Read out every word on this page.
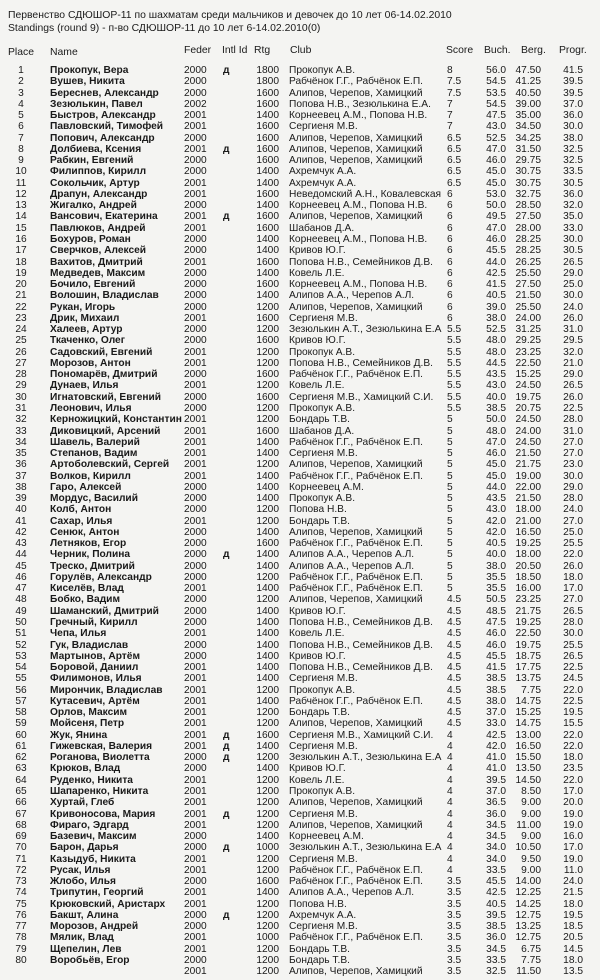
Первенство СДЮШОР-11 по шахматам среди мальчиков и девочек до 10 лет 06-14.02.2010
Standings (round 9) - п-во СДЮШОР-11 до 10 лет 6-14.02.2010(0)
Place Name	Feder Intl Id Rtg Club	Score Buch. Berg. Progr.
1	Прокопук, Вера	2000 д	1800 Прокопук А.В.	8	56.0 47.50 41.5
2	Вушев, Никита	2000	1800 Рабчёнок Г.Г., Рабчёнок Е.П. 7.5 54.5 41.25 39.5
3	Береснев, Александр 2000	1600 Алипов, Черепов, Хамицкий 7.5 53.5 40.50 39.5
4	Зезюлькин, Павел	2002	1600 Попова Н.В., Зезюлькина Е.А. 7	54.5 39.00 37.0
5	Быстров, Александр	2001	1400 Корнеевец А.М., Попова Н.В. 7	47.5 35.00 36.0
6	Павловский, Тимофей 2001	1600 Сергиеня М.В.	7	43.0 34.50 30.0
7	Попович, Александр	2000	1600 Алипов, Черепов, Хамицкий 6.5 52.5 34.25 38.0
8	Долбиева, Ксения	2001 д	1600 Алипов, Черепов, Хамицкий 6.5 47.0 31.50 32.5
9	Рабкин, Евгений	2000	1600 Алипов, Черепов, Хамицкий 6.5 46.0 29.75 32.5
10	Филиппов, Кирилл	2000	1400 Ахремчук А.А.	6.5 45.0 30.75 33.5
11	Сокольчик, Артур	2001	1400 Ахремчук А.А.	6.5 45.0 30.75 30.5
12	Драпун, Александр	2001	1600 Неведомский А.Н., Ковалевская 6	53.0 32.75 36.0
13	Жигалко, Андрей	2000	1400 Корнеевец А.М., Попова Н.В. 6	50.0 28.50 32.0
14	Вансович, Екатерина	2001 д	1600 Алипов, Черепов, Хамицкий 6	49.5 27.50 35.0
15	Павлюков, Андрей	2001	1600 Шабанов Д.А.	6	47.0 28.00 33.0
16	Бохуров, Роман	2000	1400 Корнеевец А.М., Попова Н.В. 6	46.0 28.25 30.0
17	Сверчков, Алексей	2000	1400 Кривов Ю.Г.	6	45.5 28.25 30.5
18	Вахитов, Дмитрий	2001	1600 Попова Н.В., Семейников Д.В. 6	44.0 26.25 26.5
19	Медведев, Максим	2000	1400 Ковель Л.Е.	6	42.5 25.50 29.0
20	Бочило, Евгений	2000	1600 Корнеевец А.М., Попова Н.В. 6	41.5 27.50 25.0
21	Волошин, Владислав 2000	1400 Алипов А.А., Черепов А.Л.	6	40.5 21.50 30.0
22	Рукан, Игорь	2000	1200 Алипов, Черепов, Хамицкий 6	39.0 25.50 24.0
23	Дрик, Михаил	2001	1600 Сергиеня М.В.	6	38.0 24.00 26.0
24	Халеев, Артур	2000	1200 Зезюлькин А.Т., Зезюлькина Е.А 5.5 52.5 31.25 31.0
25	Ткаченко, Олег	2000	1600 Кривов Ю.Г.	5.5 48.0 29.25 29.5
26	Садовский, Евгений	2001	1200 Прокопук А.В.	5.5 48.0 23.25 32.0
27	Морозов, Антон	2001	1200 Попова Н.В., Семейников Д.В. 5.5 44.5 22.50 21.0
28	Пономарёв, Дмитрий	2000	1600 Рабчёнок Г.Г., Рабчёнок Е.П. 5.5 43.5 15.25 29.0
29	Дунаев, Илья	2001	1200 Ковель Л.Е.	5.5 43.0 24.50 26.5
30	Игнатовский, Евгений 2000	1600 Сергиеня М.В., Хамицкий С.И. 5.5 40.0 19.75 26.0
31	Леонович, Илья	2000	1200 Прокопук А.В.	5.5 38.5 20.75 22.5
32	Керножицкий, Константин 2001	1200 Бондарь Т.В.	5	50.0 24.50 28.0
33	Диковицкий, Арсений 2001	1600 Шабанов Д.А.	5	48.0 24.00 31.0
34	Шавель, Валерий	2001	1400 Рабчёнок Г.Г., Рабчёнок Е.П. 5	47.0 24.50 27.0
35	Степанов, Вадим	2001	1400 Сергиеня М.В.	5	46.0 21.50 27.0
36	Артоболевский, Сергей 2001	1200 Алипов, Черепов, Хамицкий 5	45.0 21.75 23.0
37	Волков, Кирилл	2001	1400 Рабчёнок Г.Г., Рабчёнок Е.П. 5	45.0 19.00 30.0
38	Гаро, Алексей	2000	1400 Корнеевец А.М.	5	44.0 22.00 29.0
39	Мордус, Василий	2000	1400 Прокопук А.В.	5	43.5 21.50 28.0
40	Колб, Антон	2000	1200 Попова Н.В.	5	43.0 18.00 24.0
41	Сахар, Илья	2001	1200 Бондарь Т.В.	5	42.0 21.00 27.0
42	Сенюк, Антон	2000	1400 Алипов, Черепов, Хамицкий 5	42.0 16.50 25.0
43	Летняков, Егор	2000	1600 Рабчёнок Г.Г., Рабчёнок Е.П. 5	40.5 19.25 25.5
44	Черник, Полина	2000 д	1400 Алипов А.А., Черепов А.Л.	5	40.0 18.00 22.0
45	Треско, Дмитрий	2000	1400 Алипов А.А., Черепов А.Л.	5	38.0 20.50 26.0
46	Горулёв, Александр	2000	1200 Рабчёнок Г.Г., Рабчёнок Е.П. 5	35.5 18.50 18.0
47	Киселёв, Влад	2001	1400 Рабчёнок Г.Г., Рабчёнок Е.П. 5	35.5 16.00 17.0
48	Бобко, Вадим	2000	1200 Алипов, Черепов, Хамицкий 4.5 50.5 23.25 27.0
49	Шаманский, Дмитрий 2000	1400 Кривов Ю.Г.	4.5 48.5 21.75 26.5
50	Гречный, Кирилл	2000	1400 Попова Н.В., Семейников Д.В. 4.5 47.5 19.25 28.0
51	Чепа, Илья	2001	1400 Ковель Л.Е.	4.5 46.0 22.50 30.0
52	Гук, Владислав	2000	1400 Попова Н.В., Семейников Д.В. 4.5 46.0 19.75 25.5
53	Мартынов, Артём	2000	1400 Кривов Ю.Г.	4.5 45.5 18.75 26.5
54	Боровой, Даниил	2001	1400 Попова Н.В., Семейников Д.В. 4.5 41.5 17.75 22.5
55	Филимонов, Илья	2001	1400 Сергиеня М.В.	4.5 38.5 13.75 24.5
56	Мирончик, Владислав 2001	1200 Прокопук А.В.	4.5 38.5	7.75 22.0
57	Кутасевич, Артём	2001	1400 Рабчёнок Г.Г., Рабчёнок Е.П. 4.5 38.0 14.75 22.5
58	Орлов, Максим	2001	1200 Бондарь Т.В.	4.5 37.0 15.25 19.5
59	Мойсеня, Петр	2001	1200 Алипов, Черепов, Хамицкий 4.5 33.0 14.75 15.5
60	Жук, Янина	2001 д	1600 Сергиеня М.В., Хамицкий С.И. 4	42.5 13.00 22.0
61	Гижевская, Валерия	2001 д	1400 Сергиеня М.В.	4	42.0 16.50 22.0
62	Роганова, Виолетта	2000 д	1200 Зезюлькин А.Т., Зезюлькина Е.А 4	41.0 15.50 18.0
63	Крюков, Влад	2000	1400 Кривов Ю.Г.	4	41.0 13.50 23.5
64	Руденко, Никита	2001	1200 Ковель Л.Е.	4	39.5 14.50 22.0
65	Шапаренко, Никита	2001	1200 Прокопук А.В.	4	37.0	8.50 17.0
66	Хуртай, Глеб	2001	1200 Алипов, Черепов, Хамицкий 4	36.5	9.00 20.0
67	Кривоносова, Мария	2001 д	1200 Сергиеня М.В.	4	36.0	9.00 19.0
68	Фираго, Эдгард	2001	1200 Алипов, Черепов, Хамицкий 4	34.5	11.00 19.0
69	Базевич, Максим	2000	1400 Корнеевец А.М.	4	34.5	9.00 16.0
70	Барон, Дарья	2000 д	1000 Зезюлькин А.Т., Зезюлькина Е.А 4	34.0 10.50 17.0
71	Казыдуб, Никита	2001	1200 Сергиеня М.В.	4	34.0	9.50 19.0
72	Русак, Илья	2001	1200 Рабчёнок Г.Г., Рабчёнок Е.П. 4	33.5	9.00 11.0
73	Жлобо, Илья	2000	1600 Рабчёнок Г.Г., Рабчёнок Е.П. 3.5 45.5 14.00 24.0
74	Трипутин, Георгий	2001	1400 Алипов А.А., Черепов А.Л.	3.5 42.5 12.25 21.5
75	Крюковский, Аристарх 2001	1200 Попова Н.В.	3.5 40.5 14.25 18.0
76	Бакшт, Алина	2000 д	1200 Ахремчук А.А.	3.5 39.5 12.75 19.5
77	Морозов, Андрей	2000	1200 Сергиеня М.В.	3.5 38.5 13.25 18.5
78	Мялик, Влад	2001	1000 Рабчёнок Г.Г., Рабчёнок Е.П. 3.5 36.0 12.75 20.5
79	Щепелин, Лев	2001	1200 Бондарь Т.В.	3.5 34.5	6.75 14.5
80	Воробьёв, Егор	2000	1200 Бондарь Т.В.	3.5 33.5	7.75 18.0
2001	1200 Алипов, Черепов, Хамицкий 3.5 32.5	11.50 13.5
